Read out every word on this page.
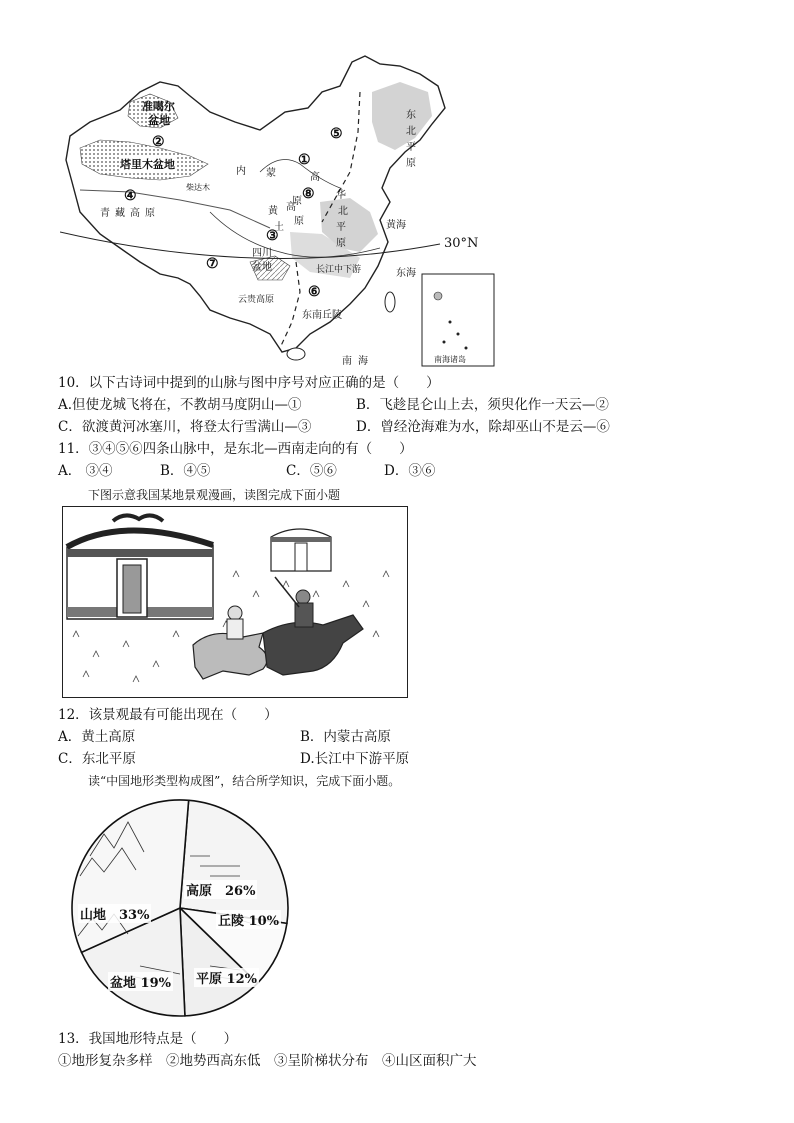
准噶尔
盆地
塔里木盆地
柴达木
青藏高原
内 蒙	高
原
东
北
平
原
华
北
平
原
黄
土
高
原	黄海
四川
盆地	长江中下游
云贵高原
东南丘陵
东海
南海
30°N
南海诸岛
①
②
③
④
⑤
⑥
⑦
⑧
10．以下古诗词中提到的山脉与图中序号对应正确的是（　　）
A.但使龙城飞将在，不教胡马度阴山—①	B．飞趁昆仑山上去，须臾化作一天云—②
C．欲渡黄河冰塞川，将登太行雪满山—③	D．曾经沧海难为水，除却巫山不是云—⑥
11．③④⑤⑥四条山脉中，是东北—西南走向的有（　　）
A． ③④	B．④⑤	C．⑤⑥	D．③⑥
下图示意我国某地景观漫画，读图完成下面小题
12．该景观最有可能出现在（　　）
A．黄土高原	B．内蒙古高原
C．东北平原	D.长江中下游平原
读“中国地形类型构成图”，结合所学知识，完成下面小题。
高原　26%
山地　33%	丘陵 10%
平原 12%
盆地 19%
13．我国地形特点是（　　）
①地形复杂多样　②地势西高东低　③呈阶梯状分布　④山区面积广大
